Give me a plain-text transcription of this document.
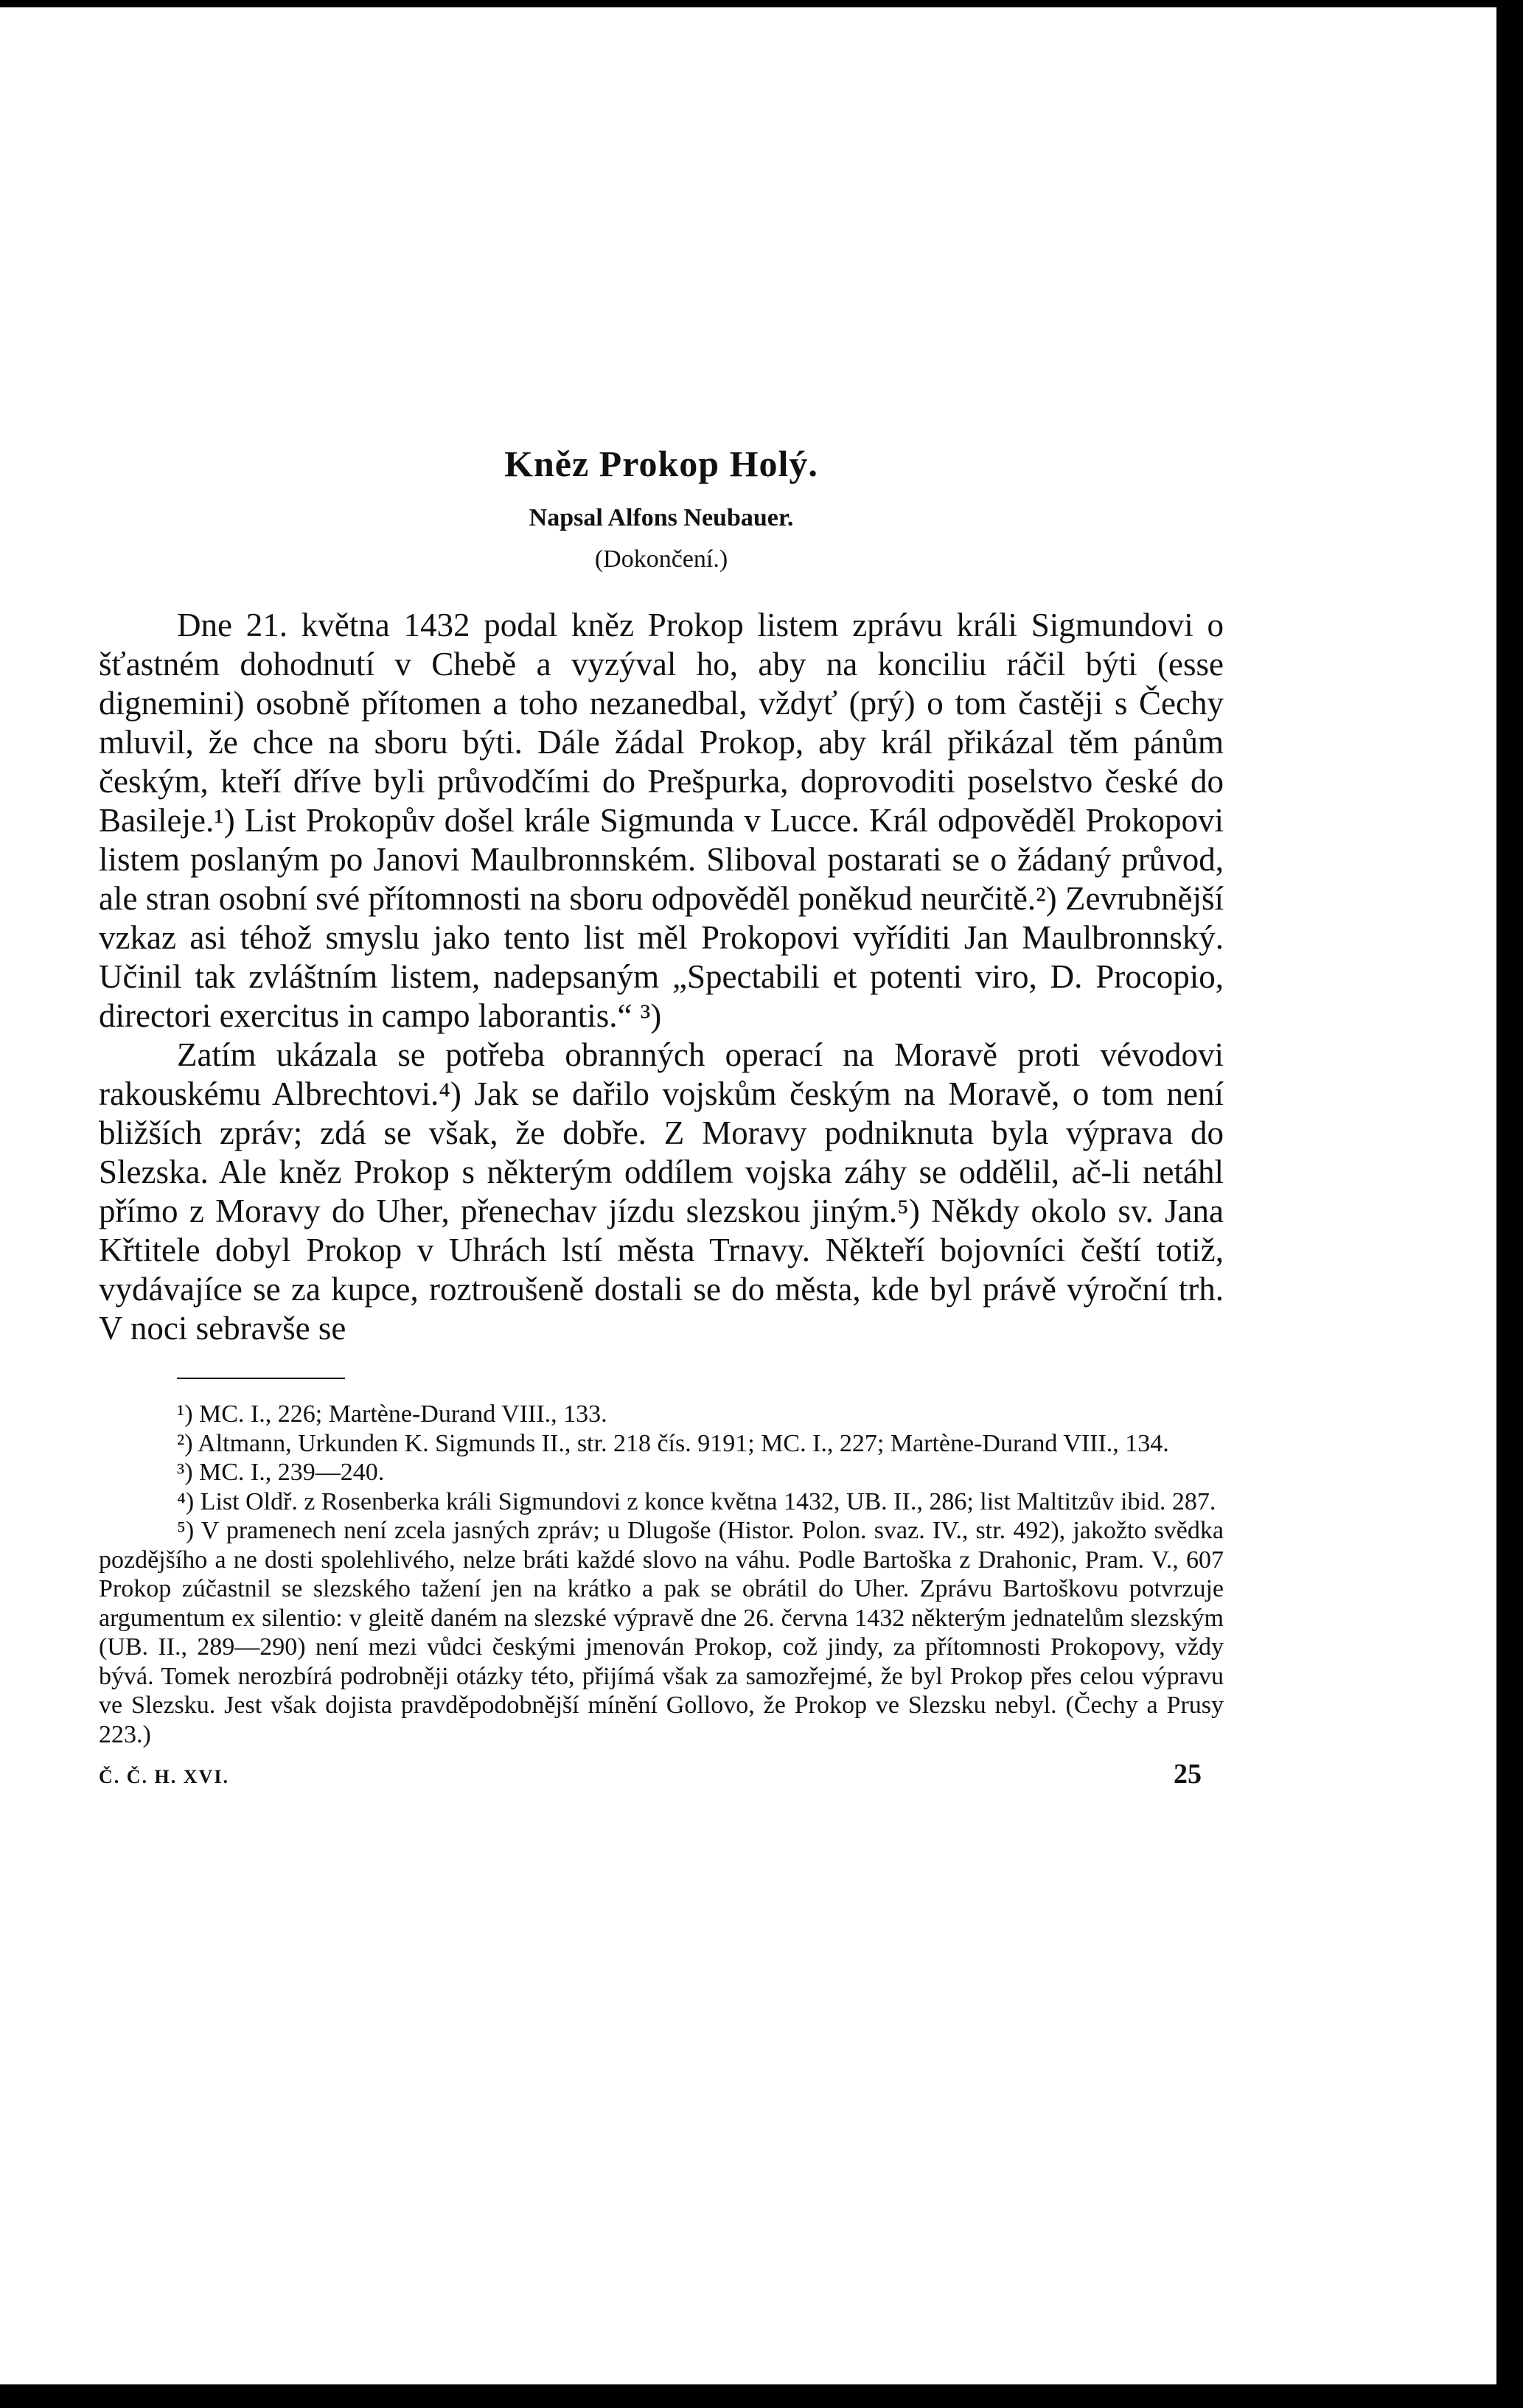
Kněz Prokop Holý.
Napsal Alfons Neubauer.
(Dokončení.)

Dne 21. května 1432 podal kněz Prokop listem zprávu králi Sigmundovi o šťastném dohodnutí v Chebě a vyzýval ho, aby na konciliu ráčil býti (esse dignemini) osobně přítomen a toho nezanedbal, vždyť (prý) o tom častěji s Čechy mluvil, že chce na sboru býti. Dále žádal Prokop, aby král přikázal těm pánům českým, kteří dříve byli průvodčími do Prešpurka, doprovoditi poselstvo české do Basileje.¹) List Prokopův došel krále Sigmunda v Lucce. Král odpověděl Prokopovi listem poslaným po Janovi Maulbronnském. Sliboval postarati se o žádaný průvod, ale stran osobní své přítomnosti na sboru odpověděl poněkud neurčitě.²) Zevrubnější vzkaz asi téhož smyslu jako tento list měl Prokopovi vyříditi Jan Maulbronnský. Učinil tak zvláštním listem, nadepsaným „Spectabili et potenti viro, D. Procopio, directori exercitus in campo laborantis.“ ³)

Zatím ukázala se potřeba obranných operací na Moravě proti vévodovi rakouskému Albrechtovi.⁴) Jak se dařilo vojskům českým na Moravě, o tom není bližších zpráv; zdá se však, že dobře. Z Moravy podniknuta byla výprava do Slezska. Ale kněz Prokop s některým oddílem vojska záhy se oddělil, ač-li netáhl přímo z Moravy do Uher, přenechav jízdu slezskou jiným.⁵) Někdy okolo sv. Jana Křtitele dobyl Prokop v Uhrách lstí města Trnavy. Někteří bojovníci čeští totiž, vydávajíce se za kupce, roztroušeně dostali se do města, kde byl právě výroční trh. V noci sebravše se

¹) MC. I., 226; Martène-Durand VIII., 133.

²) Altmann, Urkunden K. Sigmunds II., str. 218 čís. 9191; MC. I., 227; Martène-Durand VIII., 134.

³) MC. I., 239—240.

⁴) List Oldř. z Rosenberka králi Sigmundovi z konce května 1432, UB. II., 286; list Maltitzův ibid. 287.

⁵) V pramenech není zcela jasných zpráv; u Dlugoše (Histor. Polon. svaz. IV., str. 492), jakožto svědka pozdějšího a ne dosti spolehlivého, nelze bráti každé slovo na váhu. Podle Bartoška z Drahonic, Pram. V., 607 Prokop zúčastnil se slezského tažení jen na krátko a pak se obrátil do Uher. Zprávu Bartoškovu potvrzuje argumentum ex silentio: v gleitě daném na slezské výpravě dne 26. června 1432 některým jednatelům slezským (UB. II., 289—290) není mezi vůdci českými jmenován Prokop, což jindy, za přítomnosti Prokopovy, vždy bývá. Tomek nerozbírá podrobněji otázky této, přijímá však za samozřejmé, že byl Prokop přes celou výpravu ve Slezsku. Jest však dojista pravděpodobnější mínění Gollovo, že Prokop ve Slezsku nebyl. (Čechy a Prusy 223.)

Č. Č. H. XVI.	25
